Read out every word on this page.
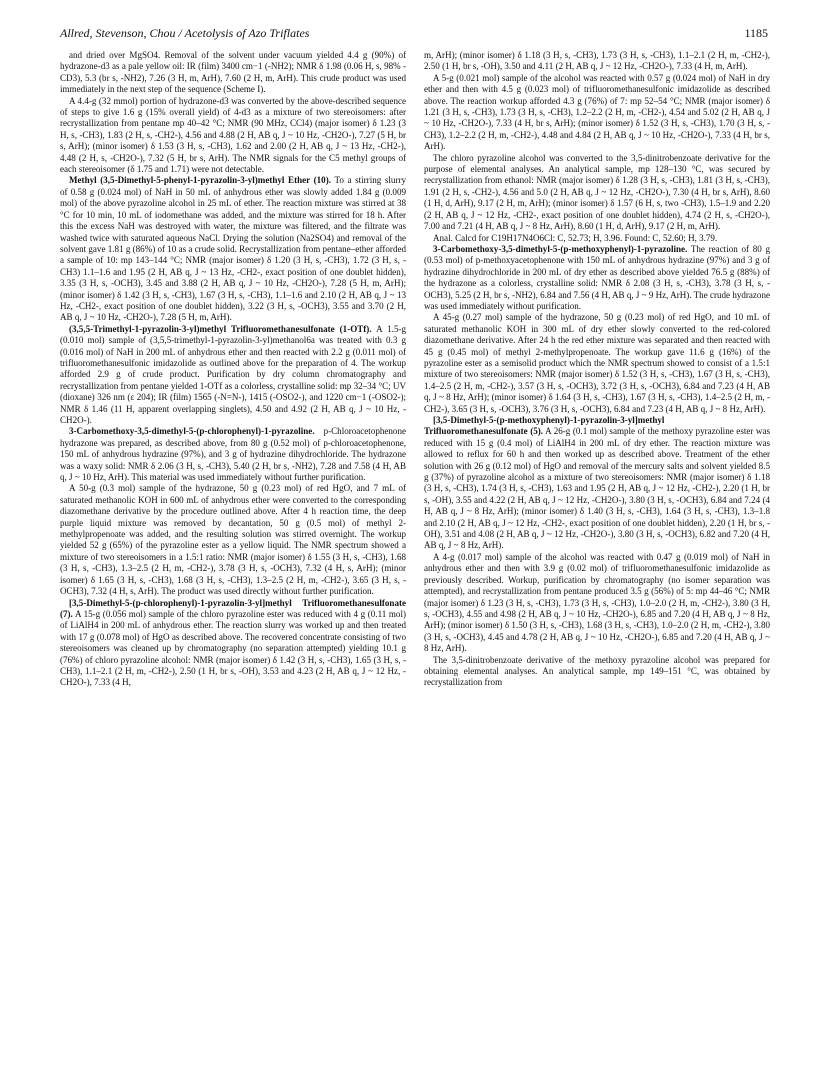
Allred, Stevenson, Chou / Acetolysis of Azo Triflates	1185

and dried over MgSO4. Removal of the solvent under vacuum yielded 4.4 g (90%) of hydrazone-d3 as a pale yellow oil: IR (film) 3400 cm−1 (-NH2); NMR δ 1.98 (0.06 H, s, 98% -CD3), 5.3 (br s, -NH2), 7.26 (3 H, m, ArH), 7.60 (2 H, m, ArH). This crude product was used immediately in the next step of the sequence (Scheme I).

A 4.4-g (32 mmol) portion of hydrazone-d3 was converted by the above-described sequence of steps to give 1.6 g (15% overall yield) of 4-d3 as a mixture of two stereoisomers: after recrystallization from pentane mp 40–42 °C; NMR (90 MHz, CCl4) (major isomer) δ 1.23 (3 H, s, -CH3), 1.83 (2 H, s, -CH2-), 4.56 and 4.88 (2 H, AB q, J ~ 10 Hz, -CH2O-), 7.27 (5 H, br s, ArH); (minor isomer) δ 1.53 (3 H, s, -CH3), 1.62 and 2.00 (2 H, AB q, J ~ 13 Hz, -CH2-), 4.48 (2 H, s, -CH2O-), 7.32 (5 H, br s, ArH). The NMR signals for the C5 methyl groups of each stereoisomer (δ 1.75 and 1.71) were not detectable.

Methyl (3,5-Dimethyl-5-phenyl-1-pyrazolin-3-yl)methyl Ether (10). To a stirring slurry of 0.58 g (0.024 mol) of NaH in 50 mL of anhydrous ether was slowly added 1.84 g (0.009 mol) of the above pyrazoline alcohol in 25 mL of ether. The reaction mixture was stirred at 38 °C for 10 min, 10 mL of iodomethane was added, and the mixture was stirred for 18 h. After this the excess NaH was destroyed with water, the mixture was filtered, and the filtrate was washed twice with saturated aqueous NaCl. Drying the solution (Na2SO4) and removal of the solvent gave 1.81 g (86%) of 10 as a crude solid. Recrystallization from pentane–ether afforded a sample of 10: mp 143–144 °C; NMR (major isomer) δ 1.20 (3 H, s, -CH3), 1.72 (3 H, s, -CH3) 1.1–1.6 and 1.95 (2 H, AB q, J ~ 13 Hz, -CH2-, exact position of one doublet hidden), 3.35 (3 H, s, -OCH3), 3.45 and 3.88 (2 H, AB q, J ~ 10 Hz, -CH2O-), 7.28 (5 H, m, ArH); (minor isomer) δ 1.42 (3 H, s, -CH3), 1.67 (3 H, s, -CH3), 1.1–1.6 and 2.10 (2 H, AB q, J ~ 13 Hz, -CH2-, exact position of one doublet hidden), 3.22 (3 H, s, -OCH3), 3.55 and 3.70 (2 H, AB q, J ~ 10 Hz, -CH2O-), 7.28 (5 H, m, ArH).

(3,5,5-Trimethyl-1-pyrazolin-3-yl)methyl Trifluoromethanesulfonate (1-OTf). A 1.5-g (0.010 mol) sample of (3,5,5-trimethyl-1-pyrazolin-3-yl)methanol6a was treated with 0.3 g (0.016 mol) of NaH in 200 mL of anhydrous ether and then reacted with 2.2 g (0.011 mol) of trifluoromethanesulfonic imidazolide as outlined above for the preparation of 4. The workup afforded 2.9 g of crude product. Purification by dry column chromatography and recrystallization from pentane yielded 1-OTf as a colorless, crystalline solid: mp 32–34 °C; UV (dioxane) 326 nm (ε 204); IR (film) 1565 (-N=N-), 1415 (-OSO2-), and 1220 cm−1 (-OSO2-); NMR δ 1.46 (11 H, apparent overlapping singlets), 4.50 and 4.92 (2 H, AB q, J ~ 10 Hz, -CH2O-).

3-Carbomethoxy-3,5-dimethyl-5-(p-chlorophenyl)-1-pyrazoline. p-Chloroacetophenone hydrazone was prepared, as described above, from 80 g (0.52 mol) of p-chloroacetophenone, 150 mL of anhydrous hydrazine (97%), and 3 g of hydrazine dihydrochloride. The hydrazone was a waxy solid: NMR δ 2.06 (3 H, s, -CH3), 5.40 (2 H, br s, -NH2), 7.28 and 7.58 (4 H, AB q, J ~ 10 Hz, ArH). This material was used immediately without further purification.

A 50-g (0.3 mol) sample of the hydrazone, 50 g (0.23 mol) of red HgO, and 7 mL of saturated methanolic KOH in 600 mL of anhydrous ether were converted to the corresponding diazomethane derivative by the procedure outlined above. After 4 h reaction time, the deep purple liquid mixture was removed by decantation, 50 g (0.5 mol) of methyl 2-methylpropenoate was added, and the resulting solution was stirred overnight. The workup yielded 52 g (65%) of the pyrazoline ester as a yellow liquid. The NMR spectrum showed a mixture of two stereoisomers in a 1.5:1 ratio: NMR (major isomer) δ 1.55 (3 H, s, -CH3), 1.68 (3 H, s, -CH3), 1.3–2.5 (2 H, m, -CH2-), 3.78 (3 H, s, -OCH3), 7.32 (4 H, s, ArH); (minor isomer) δ 1.65 (3 H, s, -CH3), 1.68 (3 H, s, -CH3), 1.3–2.5 (2 H, m, -CH2-), 3.65 (3 H, s, -OCH3), 7.32 (4 H, s, ArH). The product was used directly without further purification.

[3,5-Dimethyl-5-(p-chlorophenyl)-1-pyrazolin-3-yl]methyl Trifluoromethanesulfonate (7). A 15-g (0.056 mol) sample of the chloro pyrazoline ester was reduced with 4 g (0.11 mol) of LiAlH4 in 200 mL of anhydrous ether. The reaction slurry was worked up and then treated with 17 g (0.078 mol) of HgO as described above. The recovered concentrate consisting of two stereoisomers was cleaned up by chromatography (no separation attempted) yielding 10.1 g (76%) of chloro pyrazoline alcohol: NMR (major isomer) δ 1.42 (3 H, s, -CH3), 1.65 (3 H, s, -CH3), 1.1–2.1 (2 H, m, -CH2-), 2.50 (1 H, br s, -OH), 3.53 and 4.23 (2 H, AB q, J ~ 12 Hz, -CH2O-), 7.33 (4 H,

m, ArH); (minor isomer) δ 1.18 (3 H, s, -CH3), 1.73 (3 H, s, -CH3), 1.1–2.1 (2 H, m, -CH2-), 2.50 (1 H, br s, -OH), 3.50 and 4.11 (2 H, AB q, J ~ 12 Hz, -CH2O-), 7.33 (4 H, m, ArH).

A 5-g (0.021 mol) sample of the alcohol was reacted with 0.57 g (0.024 mol) of NaH in dry ether and then with 4.5 g (0.023 mol) of trifluoromethanesulfonic imidazolide as described above. The reaction workup afforded 4.3 g (76%) of 7: mp 52–54 °C; NMR (major isomer) δ 1.21 (3 H, s, -CH3), 1.73 (3 H, s, -CH3), 1.2–2.2 (2 H, m, -CH2-), 4.54 and 5.02 (2 H, AB q, J ~ 10 Hz, -CH2O-), 7.33 (4 H, br s, ArH); (minor isomer) δ 1.52 (3 H, s, -CH3), 1.70 (3 H, s, -CH3), 1.2–2.2 (2 H, m, -CH2-), 4.48 and 4.84 (2 H, AB q, J ~ 10 Hz, -CH2O-), 7.33 (4 H, br s, ArH).

The chloro pyrazoline alcohol was converted to the 3,5-dinitrobenzoate derivative for the purpose of elemental analyses. An analytical sample, mp 128–130 °C, was secured by recrystallization from ethanol: NMR (major isomer) δ 1.28 (3 H, s, -CH3), 1.81 (3 H, s, -CH3), 1.91 (2 H, s, -CH2-), 4.56 and 5.0 (2 H, AB q, J ~ 12 Hz, -CH2O-), 7.30 (4 H, br s, ArH), 8.60 (1 H, d, ArH), 9.17 (2 H, m, ArH); (minor isomer) δ 1.57 (6 H, s, two -CH3), 1.5–1.9 and 2.20 (2 H, AB q, J ~ 12 Hz, -CH2-, exact position of one doublet hidden), 4.74 (2 H, s, -CH2O-), 7.00 and 7.21 (4 H, AB q, J ~ 8 Hz, ArH), 8.60 (1 H, d, ArH), 9.17 (2 H, m, ArH).

Anal. Calcd for C19H17N4O6Cl: C, 52.73; H, 3.96. Found: C, 52.60; H, 3.79.

3-Carbomethoxy-3,5-dimethyl-5-(p-methoxyphenyl)-1-pyrazoline. The reaction of 80 g (0.53 mol) of p-methoxyacetophenone with 150 mL of anhydrous hydrazine (97%) and 3 g of hydrazine dihydrochloride in 200 mL of dry ether as described above yielded 76.5 g (88%) of the hydrazone as a colorless, crystalline solid: NMR δ 2.08 (3 H, s, -CH3), 3.78 (3 H, s, -OCH3), 5.25 (2 H, br s, -NH2), 6.84 and 7.56 (4 H, AB q, J ~ 9 Hz, ArH). The crude hydrazone was used immediately without purification.

A 45-g (0.27 mol) sample of the hydrazone, 50 g (0.23 mol) of red HgO, and 10 mL of saturated methanolic KOH in 300 mL of dry ether slowly converted to the red-colored diazomethane derivative. After 24 h the red ether mixture was separated and then reacted with 45 g (0.45 mol) of methyl 2-methylpropenoate. The workup gave 11.6 g (16%) of the pyrazoline ester as a semisolid product which the NMR spectrum showed to consist of a 1.5:1 mixture of two stereoisomers: NMR (major isomer) δ 1.52 (3 H, s, -CH3), 1.67 (3 H, s, -CH3), 1.4–2.5 (2 H, m, -CH2-), 3.57 (3 H, s, -OCH3), 3.72 (3 H, s, -OCH3), 6.84 and 7.23 (4 H, AB q, J ~ 8 Hz, ArH); (minor isomer) δ 1.64 (3 H, s, -CH3), 1.67 (3 H, s, -CH3), 1.4–2.5 (2 H, m, -CH2-), 3.65 (3 H, s, -OCH3), 3.76 (3 H, s, -OCH3), 6.84 and 7.23 (4 H, AB q, J ~ 8 Hz, ArH).

[3,5-Dimethyl-5-(p-methoxyphenyl)-1-pyrazolin-3-yl]methyl Trifluoromethanesulfonate (5). A 26-g (0.1 mol) sample of the methoxy pyrazoline ester was reduced with 15 g (0.4 mol) of LiAlH4 in 200 mL of dry ether. The reaction mixture was allowed to reflux for 60 h and then worked up as described above. Treatment of the ether solution with 26 g (0.12 mol) of HgO and removal of the mercury salts and solvent yielded 8.5 g (37%) of pyrazoline alcohol as a mixture of two stereoisomers: NMR (major isomer) δ 1.18 (3 H, s, -CH3), 1.74 (3 H, s, -CH3), 1.63 and 1.95 (2 H, AB q, J ~ 12 Hz, -CH2-), 2.20 (1 H, br s, -OH), 3.55 and 4.22 (2 H, AB q, J ~ 12 Hz, -CH2O-), 3.80 (3 H, s, -OCH3), 6.84 and 7.24 (4 H, AB q, J ~ 8 Hz, ArH); (minor isomer) δ 1.40 (3 H, s, -CH3), 1.64 (3 H, s, -CH3), 1.3–1.8 and 2.10 (2 H, AB q, J ~ 12 Hz, -CH2-, exact position of one doublet hidden), 2.20 (1 H, br s, -OH), 3.51 and 4.08 (2 H, AB q, J ~ 12 Hz, -CH2O-), 3.80 (3 H, s, -OCH3), 6.82 and 7.20 (4 H, AB q, J ~ 8 Hz, ArH).

A 4-g (0.017 mol) sample of the alcohol was reacted with 0.47 g (0.019 mol) of NaH in anhydrous ether and then with 3.9 g (0.02 mol) of trifluoromethanesulfonic imidazolide as previously described. Workup, purification by chromatography (no isomer separation was attempted), and recrystallization from pentane produced 3.5 g (56%) of 5: mp 44–46 °C; NMR (major isomer) δ 1.23 (3 H, s, -CH3), 1.73 (3 H, s, -CH3), 1.0–2.0 (2 H, m, -CH2-), 3.80 (3 H, s, -OCH3), 4.55 and 4.98 (2 H, AB q, J ~ 10 Hz, -CH2O-), 6.85 and 7.20 (4 H, AB q, J ~ 8 Hz, ArH); (minor isomer) δ 1.50 (3 H, s, -CH3), 1.68 (3 H, s, -CH3), 1.0–2.0 (2 H, m, -CH2-), 3.80 (3 H, s, -OCH3), 4.45 and 4.78 (2 H, AB q, J ~ 10 Hz, -CH2O-), 6.85 and 7.20 (4 H, AB q, J ~ 8 Hz, ArH).

The 3,5-dinitrobenzoate derivative of the methoxy pyrazoline alcohol was prepared for obtaining elemental analyses. An analytical sample, mp 149–151 °C, was obtained by recrystallization from
